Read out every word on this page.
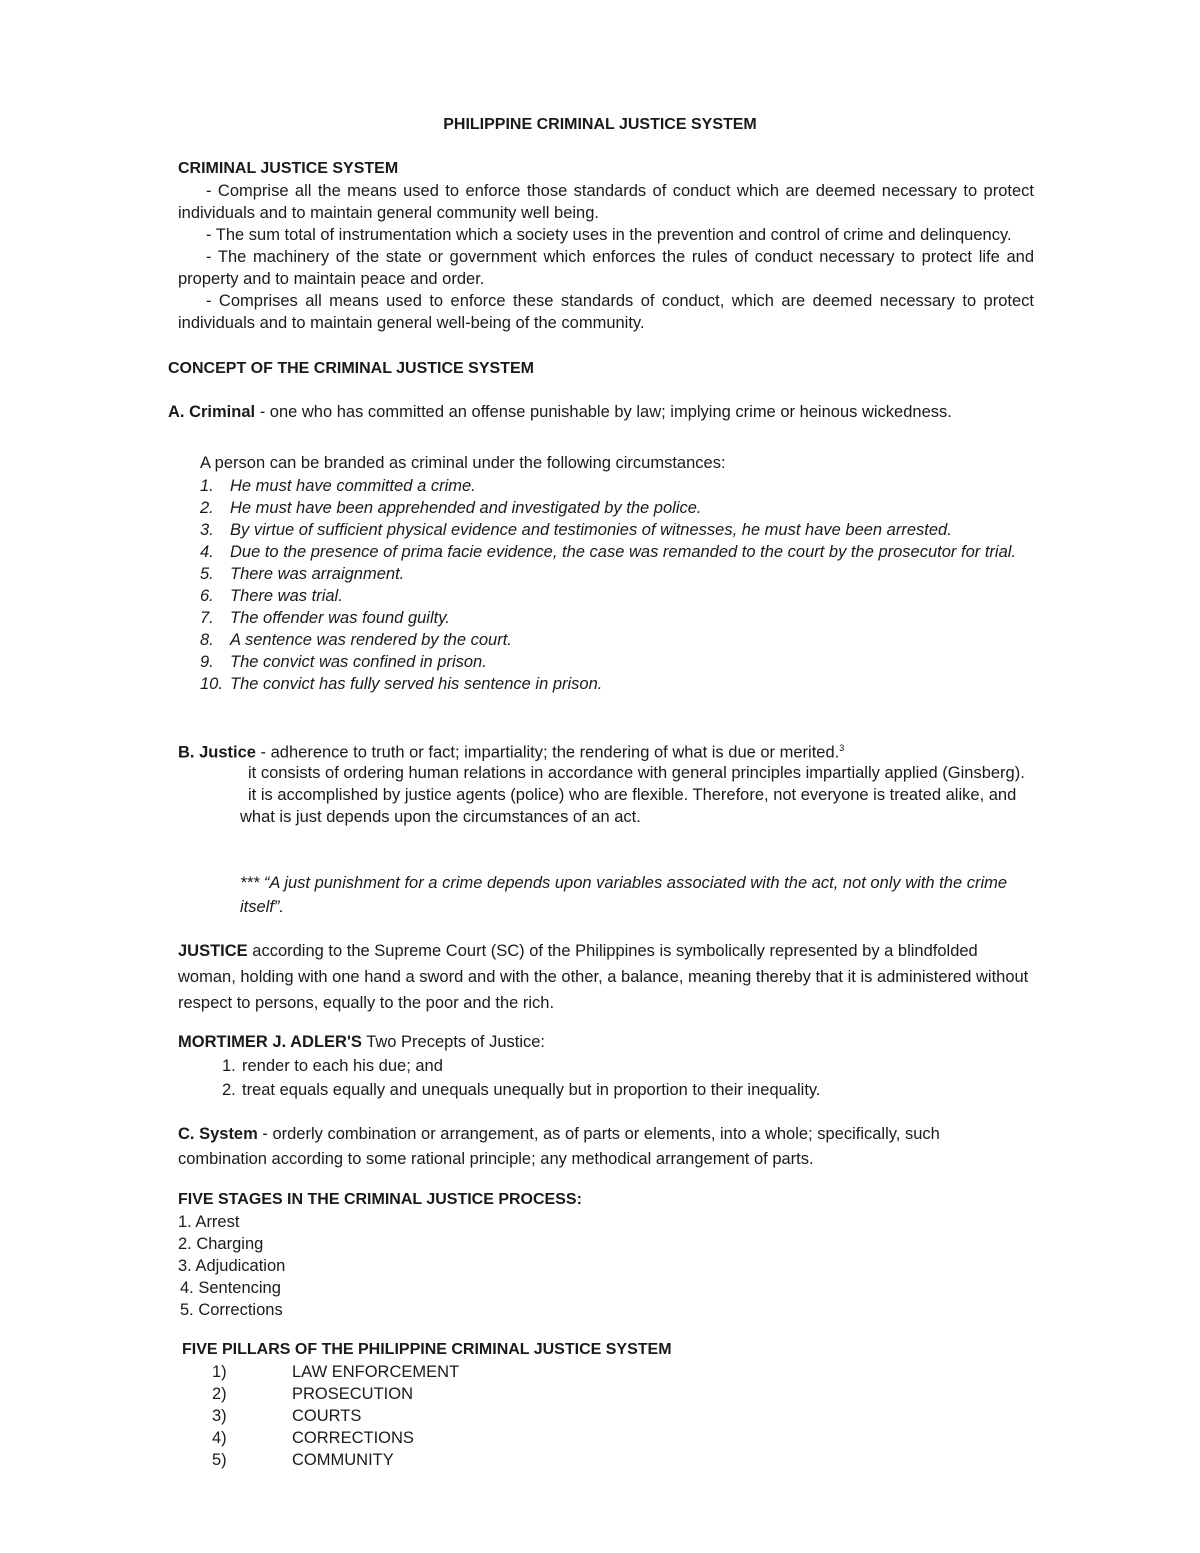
PHILIPPINE CRIMINAL JUSTICE SYSTEM
CRIMINAL JUSTICE SYSTEM
- Comprise all the means used to enforce those standards of conduct which are deemed necessary to protect individuals and to maintain general community well being.
- The sum total of instrumentation which a society uses in the prevention and control of crime and delinquency.
- The machinery of the state or government which enforces the rules of conduct necessary to protect life and property and to maintain peace and order.
- Comprises all means used to enforce these standards of conduct, which are deemed necessary to protect individuals and to maintain general well-being of the community.
CONCEPT OF THE CRIMINAL JUSTICE SYSTEM
A. Criminal - one who has committed an offense punishable by law; implying crime or heinous wickedness.
A person can be branded as criminal under the following circumstances:
1. He must have committed a crime.
2. He must have been apprehended and investigated by the police.
3. By virtue of sufficient physical evidence and testimonies of witnesses, he must have been arrested.
4. Due to the presence of prima facie evidence, the case was remanded to the court by the prosecutor for trial.
5. There was arraignment.
6. There was trial.
7. The offender was found guilty.
8. A sentence was rendered by the court.
9. The convict was confined in prison.
10. The convict has fully served his sentence in prison.
B. Justice - adherence to truth or fact; impartiality; the rendering of what is due or merited.$^3$
it consists of ordering human relations in accordance with general principles impartially applied (Ginsberg).
it is accomplished by justice agents (police) who are flexible. Therefore, not everyone is treated alike, and what is just depends upon the circumstances of an act.
*** “A just punishment for a crime depends upon variables associated with the act, not only with the crime itself”.
JUSTICE according to the Supreme Court (SC) of the Philippines is symbolically represented by a blindfolded woman, holding with one hand a sword and with the other, a balance, meaning thereby that it is administered without respect to persons, equally to the poor and the rich.
MORTIMER J. ADLER'S Two Precepts of Justice:
1. render to each his due; and
2. treat equals equally and unequals unequally but in proportion to their inequality.
C. System - orderly combination or arrangement, as of parts or elements, into a whole; specifically, such combination according to some rational principle; any methodical arrangement of parts.
FIVE STAGES IN THE CRIMINAL JUSTICE PROCESS:
1. Arrest
2. Charging
3. Adjudication
4. Sentencing
5. Corrections
FIVE PILLARS OF THE PHILIPPINE CRIMINAL JUSTICE SYSTEM
1)	LAW ENFORCEMENT
2)	PROSECUTION
3)	COURTS
4)	CORRECTIONS
5)	COMMUNITY
